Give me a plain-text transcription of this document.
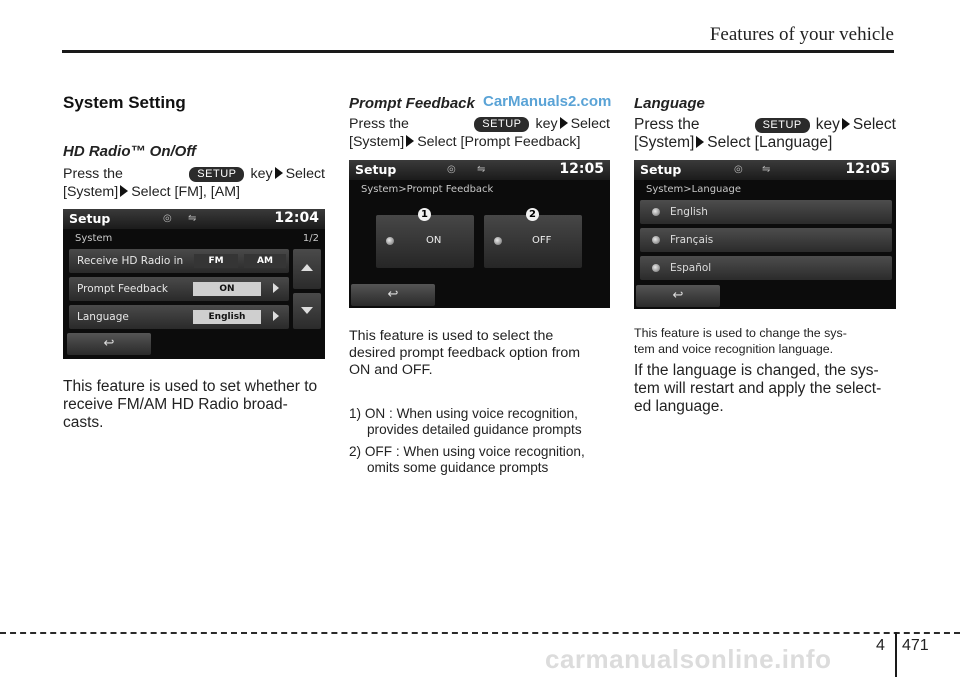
Features of your vehicle
CarManuals2.com
System Setting
HD Radio™ On/Off
Press the	SETUP key Select
[System] Select [FM], [AM]
Setup	◎ ⇋	12:04
System	1/2
Receive HD Radio in	FM	AM
Prompt Feedback	ON
Language	English
↩
This feature is used to set whether to
receive FM/AM HD Radio broad-
casts.
Prompt Feedback
Press the	SETUP key Select
[System] Select [Prompt Feedback]
Setup	◎ ⇋	12:05
System>Prompt Feedback
ON	OFF
1	2
↩
This feature is used to select the
desired prompt feedback option from
ON and OFF.
1) ON : When using voice recognition,
provides detailed guidance prompts
2) OFF : When using voice recognition,
omits some guidance prompts
Language
Press the	SETUP key Select
[System] Select [Language]
Setup	◎ ⇋	12:05
System>Language
English
Français
Español
↩
This feature is used to change the sys-
tem and voice recognition language.
If the language is changed, the sys-
tem will restart and apply the select-
ed language.
4 471
carmanualsonline.info
